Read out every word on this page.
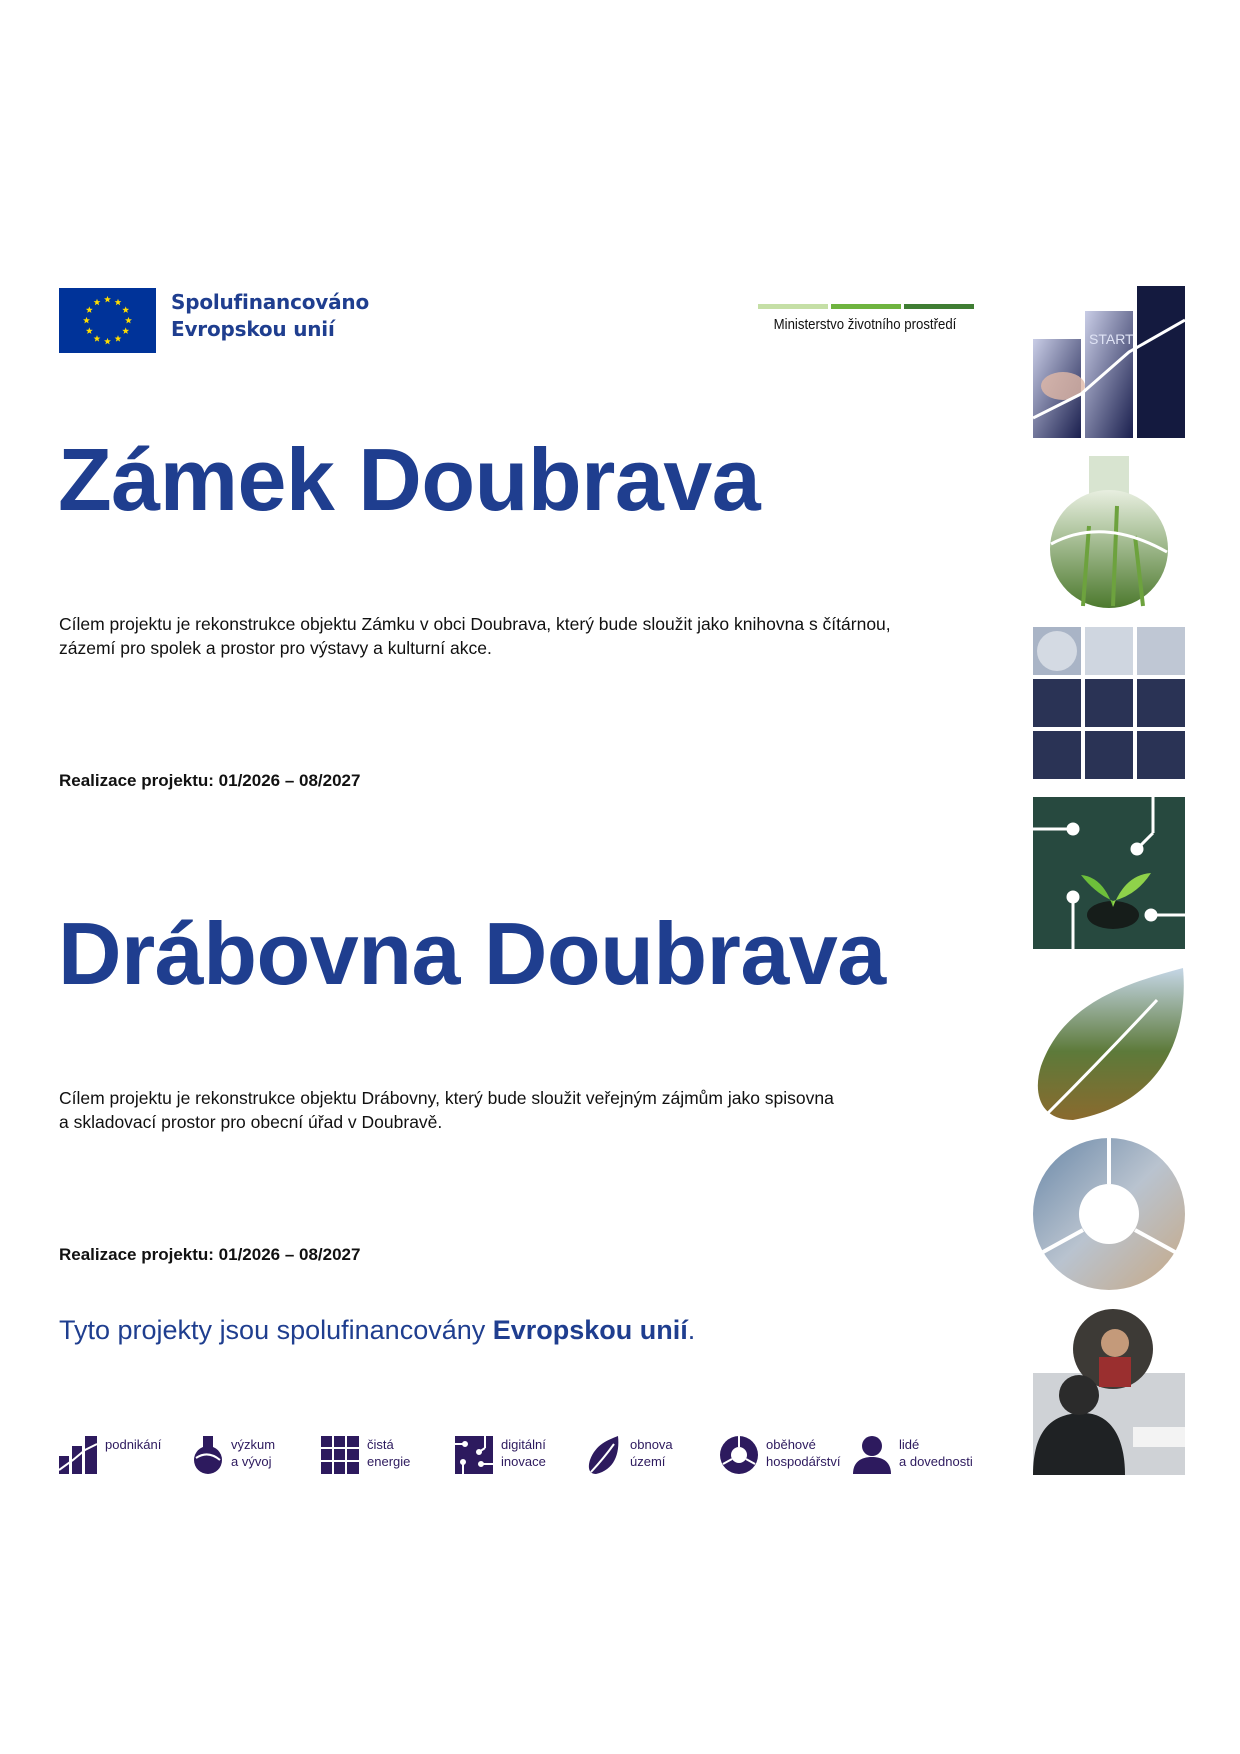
Spolufinancováno
Evropskou unií	Ministerstvo životního prostředí
Zámek Doubrava
Cílem projektu je rekonstrukce objektu Zámku v obci Doubrava, který bude sloužit jako knihovna s čítárnou,
zázemí pro spolek a prostor pro výstavy a kulturní akce.
Realizace projektu: 01/2026 – 08/2027
Drábovna Doubrava
Cílem projektu je rekonstrukce objektu Drábovny, který bude sloužit veřejným zájmům jako spisovna
a skladovací prostor pro obecní úřad v Doubravě.
Realizace projektu: 01/2026 – 08/2027
Tyto projekty jsou spolufinancovány Evropskou unií.
podnikání	výzkum
a vývoj
čistá
energie
digitální
inovace
obnova
území
oběhové
hospodářství
lidé
a dovednosti
START
